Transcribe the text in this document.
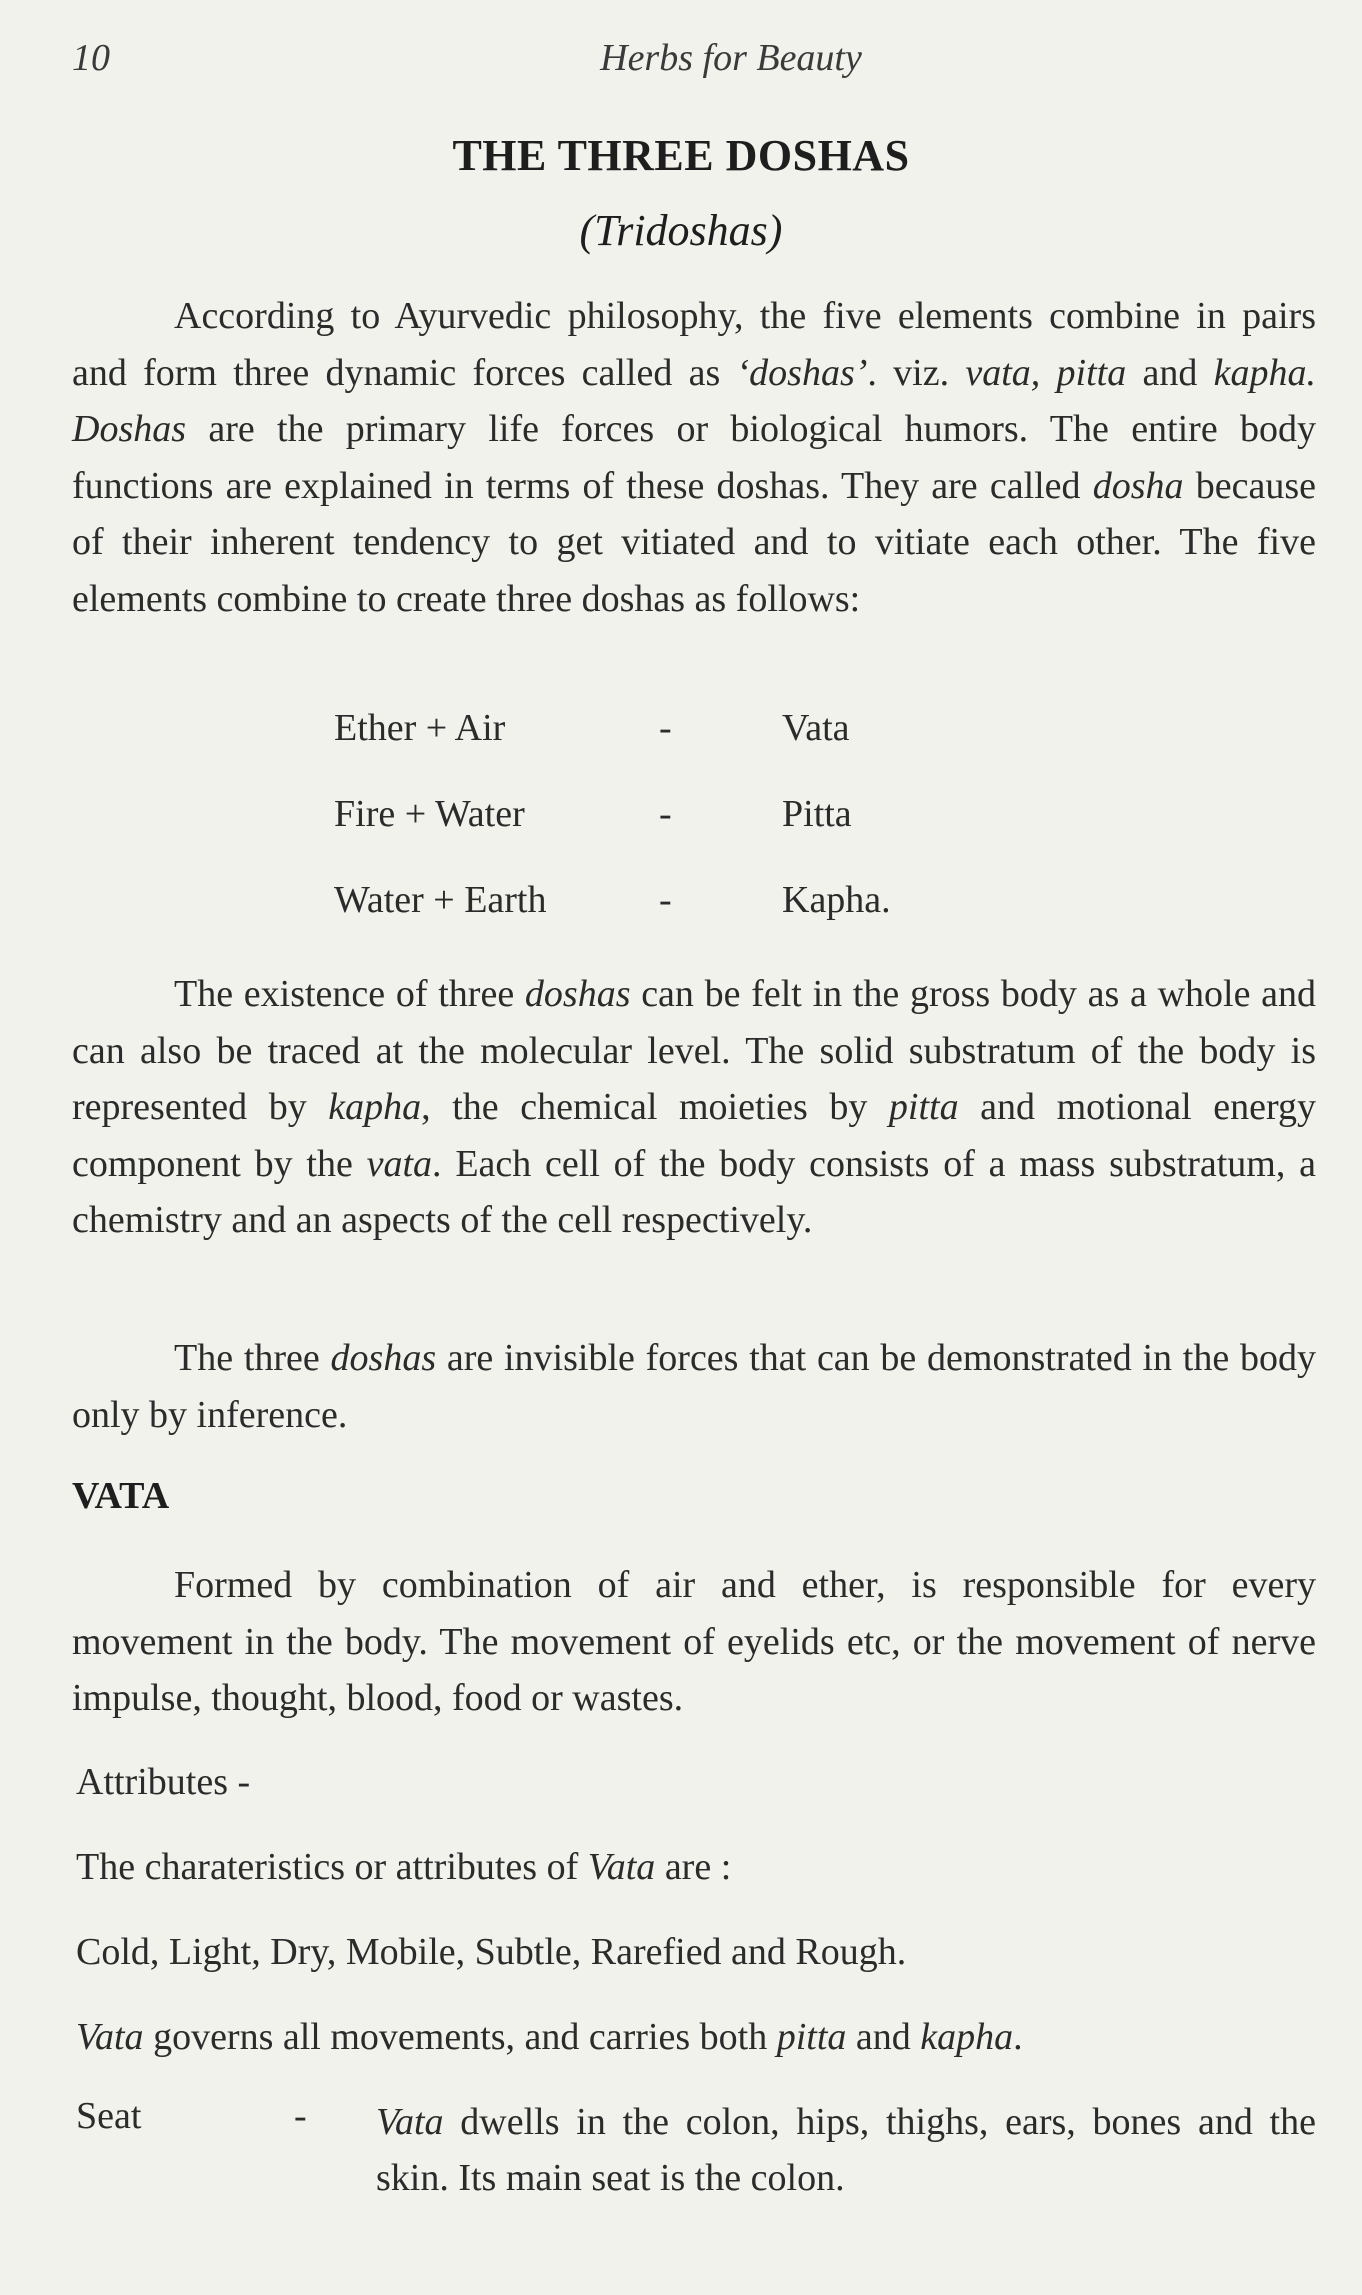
10	Herbs for Beauty
THE THREE DOSHAS
(Tridoshas)

According to Ayurvedic philosophy, the five elements combine in pairs and form three dynamic forces called as ‘doshas’. viz. vata, pitta and kapha. Doshas are the primary life forces or biological humors. The entire body functions are explained in terms of these doshas. They are called dosha because of their inherent tendency to get vitiated and to vitiate each other. The five elements combine to create three doshas as follows:

Ether + Air	-	Vata
Fire + Water	-	Pitta
Water + Earth	-	Kapha.

The existence of three doshas can be felt in the gross body as a whole and can also be traced at the molecular level. The solid substratum of the body is represented by kapha, the chemical moieties by pitta and motional energy component by the vata. Each cell of the body consists of a mass substratum, a chemistry and an aspects of the cell respectively.

The three doshas are invisible forces that can be demonstrated in the body only by inference.

VATA

Formed by combination of air and ether, is responsible for every movement in the body. The movement of eyelids etc, or the movement of nerve impulse, thought, blood, food or wastes.

Attributes -
The charateristics or attributes of Vata are :
Cold, Light, Dry, Mobile, Subtle, Rarefied and Rough.
Vata governs all movements, and carries both pitta and kapha.
Seat	- Vata dwells in the colon, hips, thighs, ears, bones and the skin. Its main seat is the colon.
